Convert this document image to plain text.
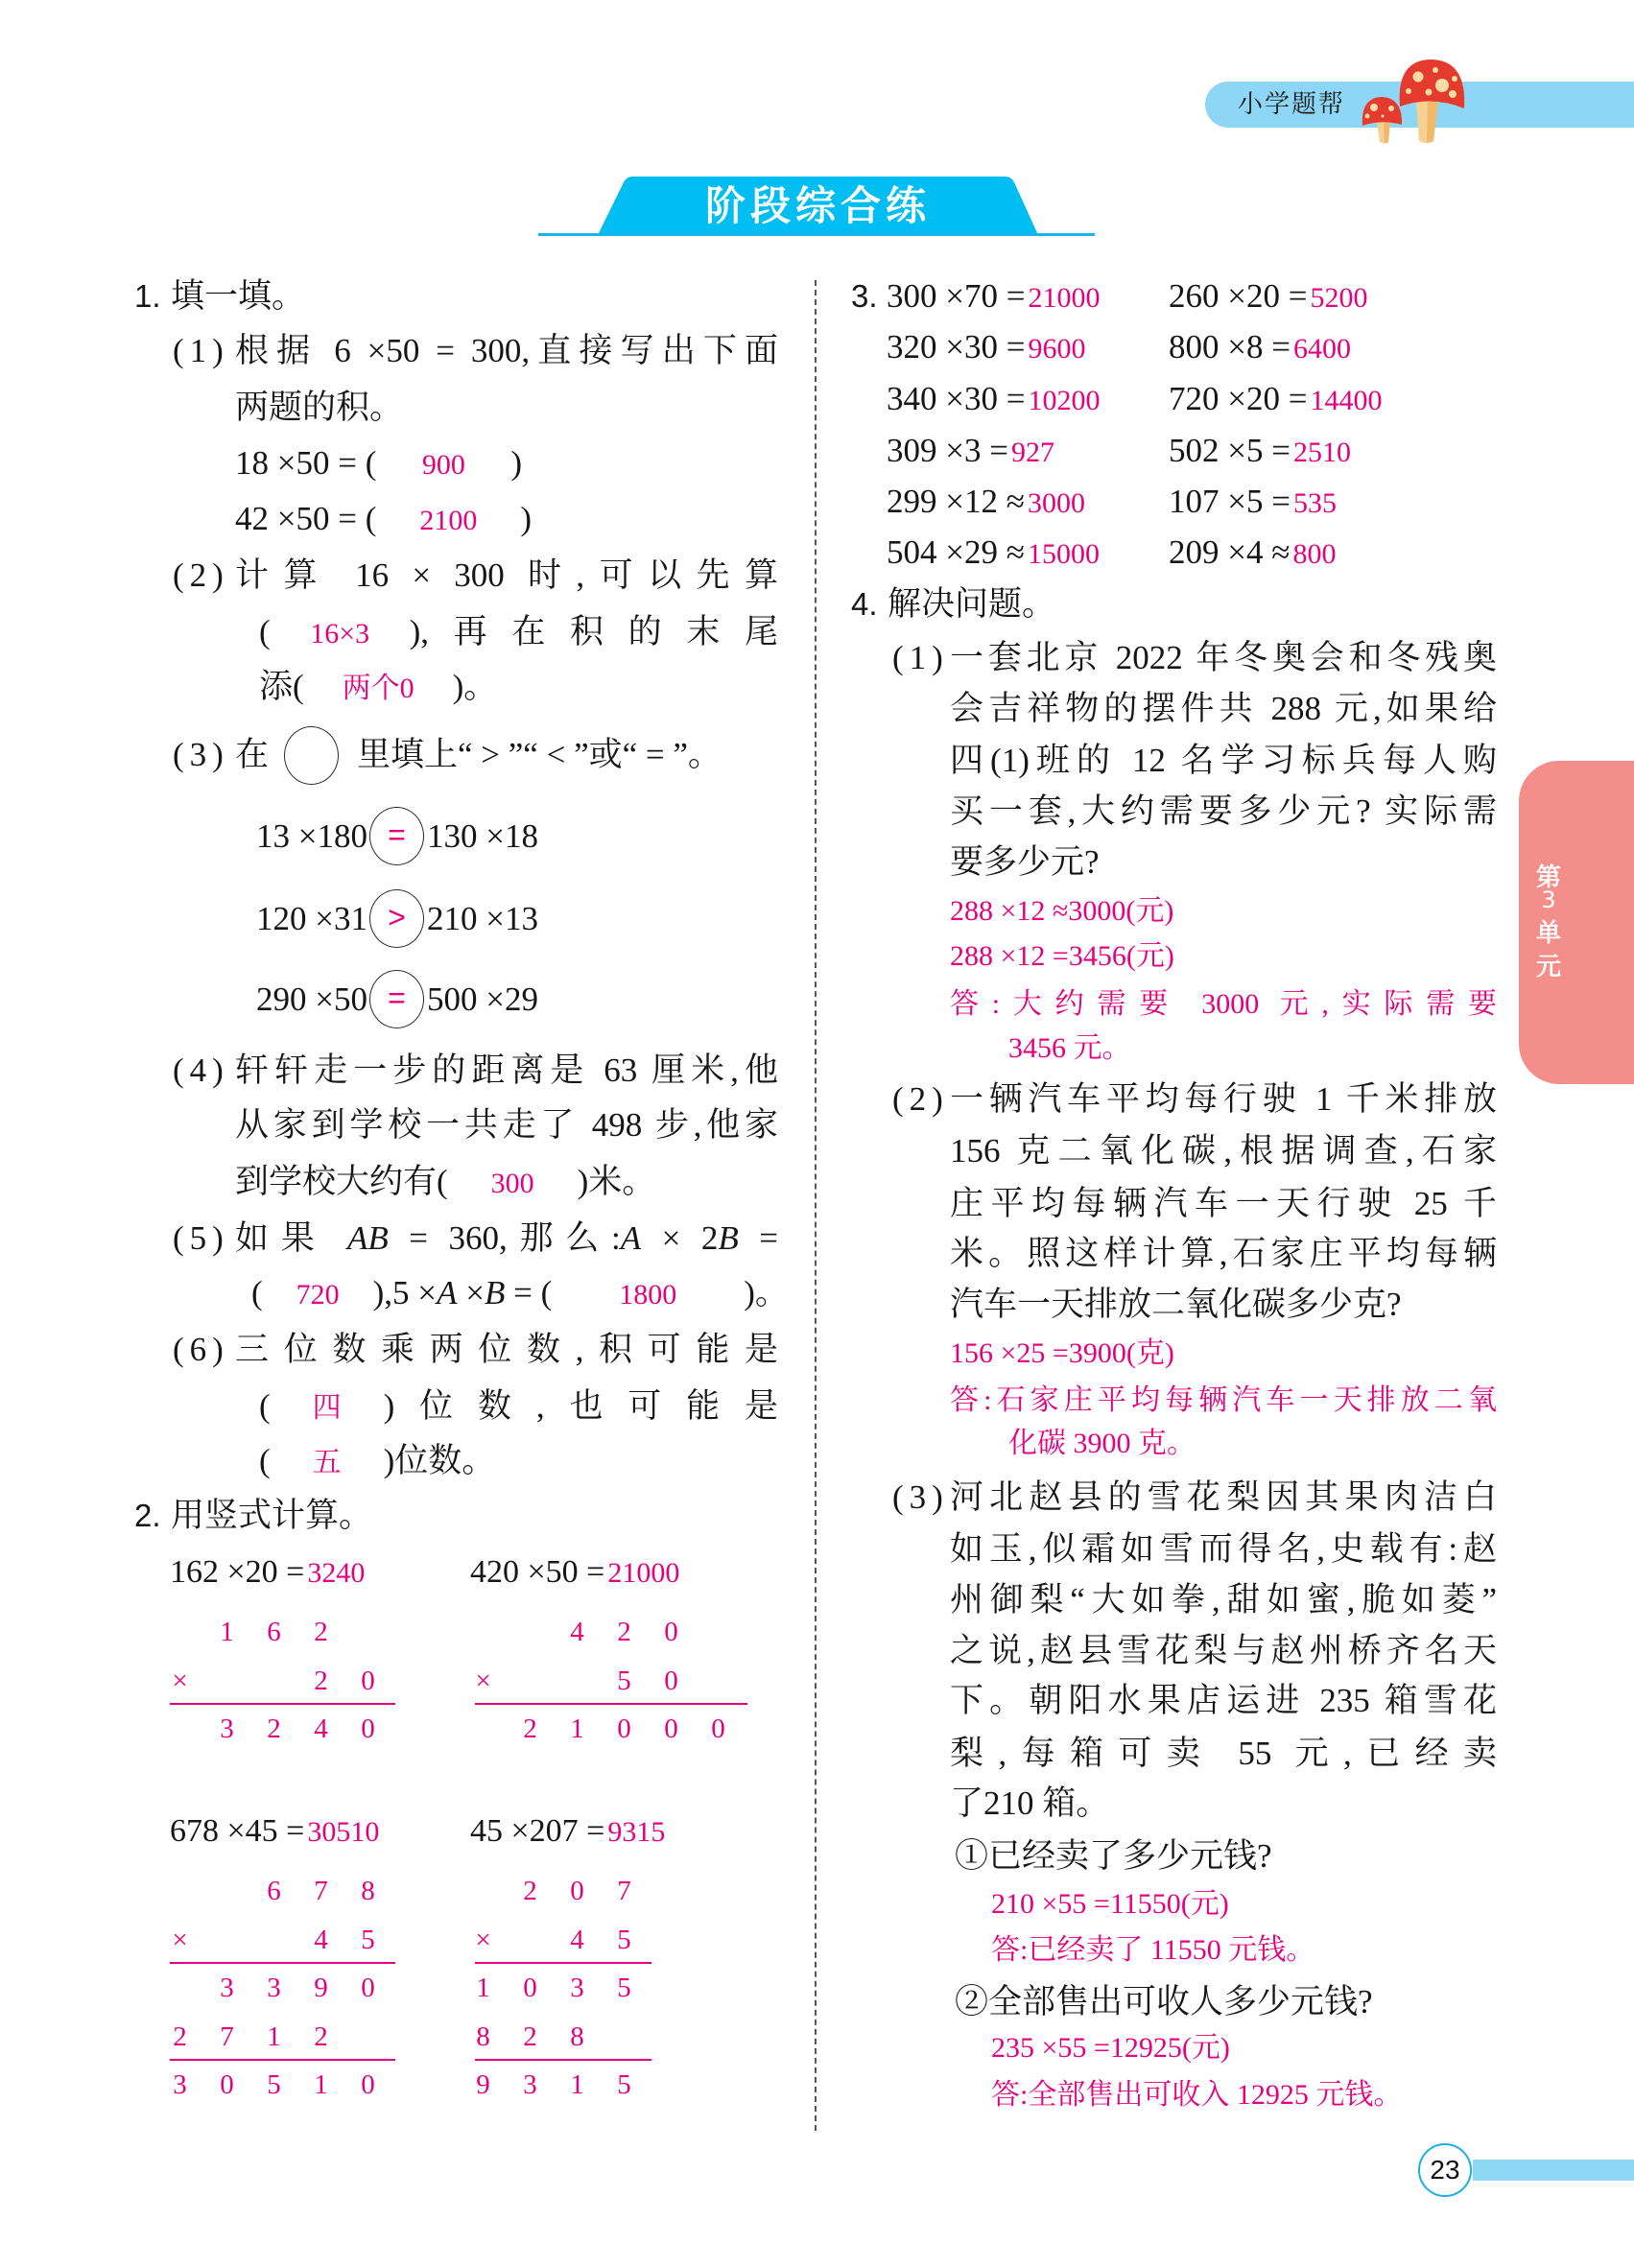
小学题帮
阶段综合练
第
3
单
元
23
1. 填一填。
(1) 根据 6 ×50 = 300,直接写出下面
两题的积。
18 ×50 = ( 900 )
42 ×50 = ( 2100 )
(2) 计算 16 × 300 时,可以先算
( 16×3 ),再在积的末尾
添( 两个0 )。
(3) 在	里填上“ > ”“ < ”或“ = ”。
13 ×180 = 130 ×18
120 ×31 > 210 ×13
290 ×50 = 500 ×29
(4) 轩轩走一步的距离是 63 厘米,他
从家到学校一共走了 498 步,他家
到学校大约有( 300 )米。
(5) 如果 AB = 360,那么:A × 2B =
( 720 ),5 ×A ×B = ( 1800 )。
(6) 三位数乘两位数,积可能是
( 四 )位数,也可能是
( 五 )位数。
2. 用竖式计算。
162 ×20 = 3240
1	6	2
×	2	0
3	2	4	0
420 ×50 = 21000
4	2	0
×	5	0
2	1	0	0	0
678 ×45 = 30510
6	7	8
×	4	5
3	3	9	0
2	7	1	2
3	0	5	1	0
45 ×207 = 9315
2	0	7
×	4	5
1	0	3	5
8	2	8
9	3	1	5
3. 300 ×70 = 21000 260 ×20 = 5200
320 ×30 = 9600 800 ×8 = 6400
340 ×30 = 10200 720 ×20 = 14400
309 ×3 = 927	502 ×5 = 2510
299 ×12 ≈ 3000 107 ×5 = 535
504 ×29 ≈ 15000 209 ×4 ≈ 800
4. 解决问题。
(1) 一套北京 2022 年冬奥会和冬残奥
会吉祥物的摆件共 288 元,如果给
四(1)班的 12 名学习标兵每人购
买一套,大约需要多少元? 实际需
要多少元?
288 ×12 ≈3000(元)
288 ×12 =3456(元)
答:大约需要 3000 元,实际需要
3456 元。
(2) 一辆汽车平均每行驶 1 千米排放
156 克二氧化碳,根据调查,石家
庄平均每辆汽车一天行驶 25 千
米。照这样计算,石家庄平均每辆
汽车一天排放二氧化碳多少克?
156 ×25 =3900(克)
答:石家庄平均每辆汽车一天排放二氧
化碳 3900 克。
(3) 河北赵县的雪花梨因其果肉洁白
如玉,似霜如雪而得名,史载有:赵
州御梨“大如拳,甜如蜜,脆如菱”
之说,赵县雪花梨与赵州桥齐名天
下。朝阳水果店运进 235 箱雪花
梨,每箱可卖 55 元,已经卖
了210 箱。
①已经卖了多少元钱?
210 ×55 =11550(元)
答:已经卖了 11550 元钱。
②全部售出可收人多少元钱?
235 ×55 =12925(元)
答:全部售出可收入 12925 元钱。
